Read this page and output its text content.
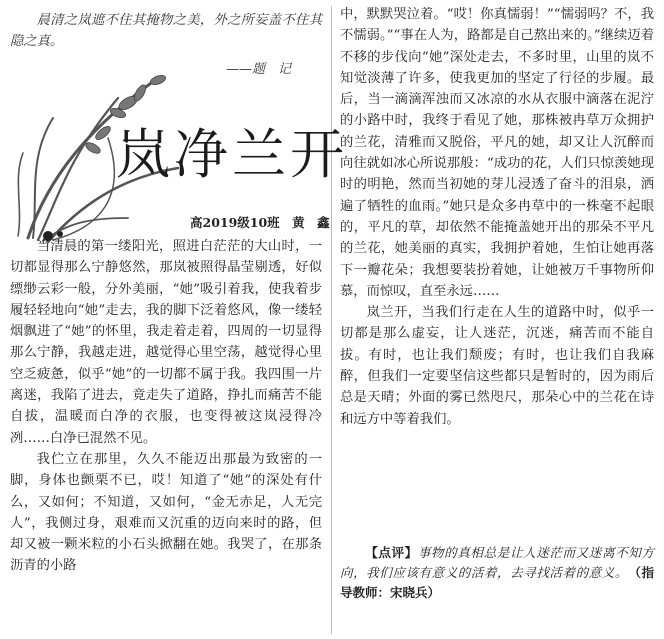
晨清之岚遮不住其掩物之美，外之所妄盖不住其隐之真。

——题　记
岚净兰开
高2019级10班　黄　鑫

当清晨的第一缕阳光，照进白茫茫的大山时，一切都显得那么宁静悠然，那岚被照得晶莹剔透，好似缥缈云彩一般，分外美丽，“她”吸引着我，使我着步履轻轻地向“她”走去，我的脚下泛着悠风，像一缕轻烟飘进了“她”的怀里，我走着走着，四周的一切显得那么宁静，我越走进，越觉得心里空荡，越觉得心里空乏疲惫，似乎“她”的一切都不属于我。我四围一片离迷，我陷了进去，竟走失了道路，挣扎而痛苦不能自拔，温暖而白净的衣服，也变得被这岚浸得冷冽……白净已混然不见。

我伫立在那里，久久不能迈出那最为致密的一脚，身体也颤栗不已，哎！知道了“她”的深处有什么，又如何；不知道，又如何，“金无赤足，人无完人”，我侧过身，艰难而又沉重的迈向来时的路，但却又被一颗米粒的小石头掀翻在她。我哭了，在那条沥青的小路

中，默默哭泣着。“哎！你真懦弱！”“懦弱吗？不，我不懦弱。”“事在人为，路都是自己熬出来的。”继续迈着不移的步伐向“她”深处走去，不多时里，山里的岚不知觉淡薄了许多，使我更加的坚定了行径的步履。最后，当一滴滴浑浊而又冰凉的水从衣服中滴落在泥泞的小路中时，我终于看见了她，那株被冉草万众拥护的兰花，清雅而又脱俗，平凡的她，却又让人沉醉而向往就如冰心所说那般：“成功的花，人们只惊羡她现时的明艳，然而当初她的芽儿浸透了奋斗的泪泉，洒遍了牺牲的血雨。”她只是众多冉草中的一株毫不起眼的，平凡的草，却依然不能掩盖她开出的那朵不平凡的兰花，她美丽的真实，我拥护着她，生怕让她再落下一瓣花朵；我想要装扮着她，让她被万千事物所仰慕，而惊叹，直至永远……

岚兰开，当我们行走在人生的道路中时，似乎一切都是那么虚妄，让人迷茫，沉迷，痛苦而不能自拔。有时，也让我们颓废；有时，也让我们自我麻醉，但我们一定要坚信这些都只是暂时的，因为雨后总是天晴；外面的雾已然咫尺，那朵心中的兰花在诗和远方中等着我们。

【点评】事物的真相总是让人迷茫而又迷离不知方向，我们应该有意义的活着，去寻找活着的意义。　 （指导教师：宋晓兵）
